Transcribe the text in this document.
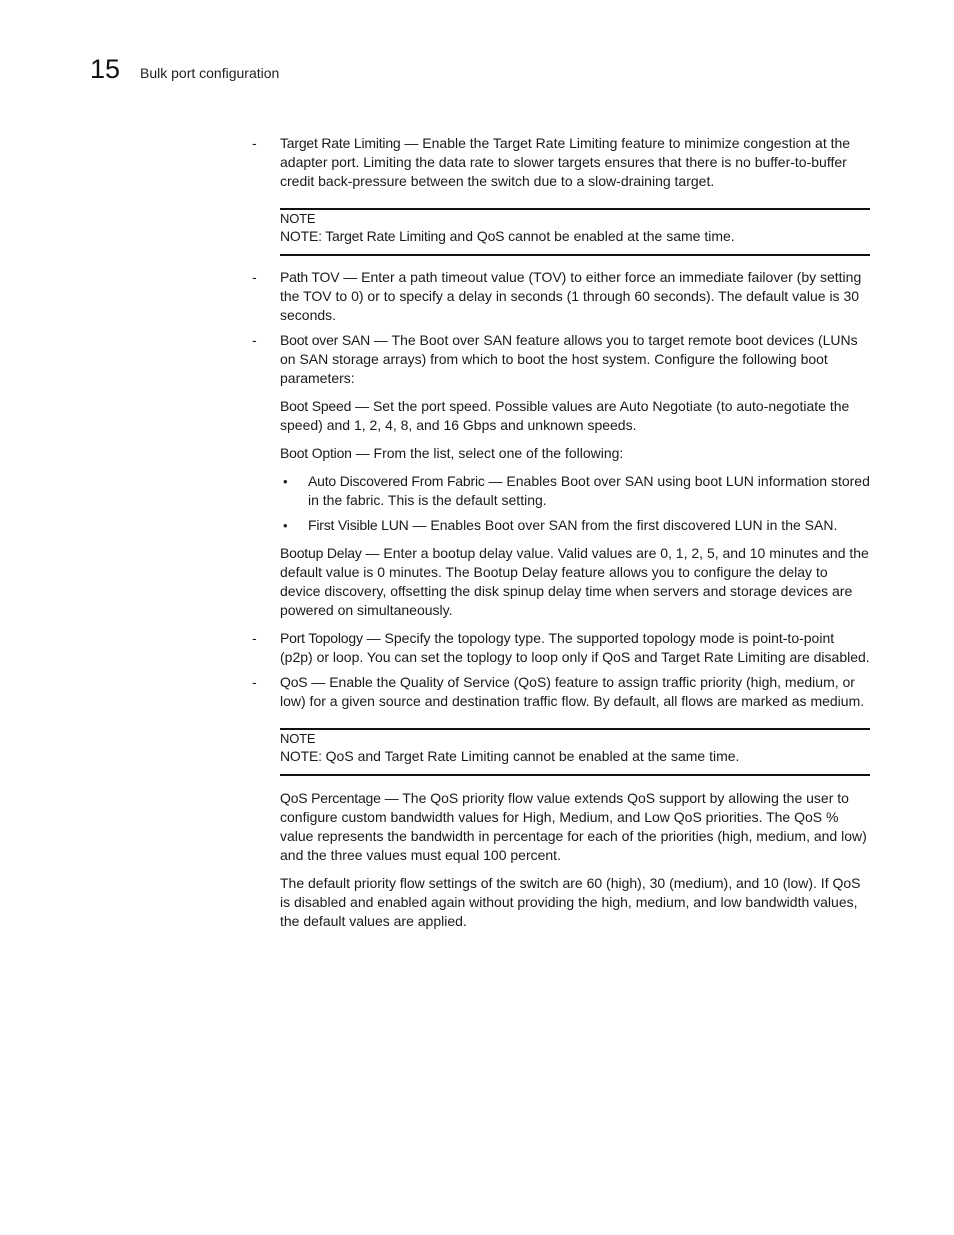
15 Bulk port configuration
- Target Rate Limiting — Enable the Target Rate Limiting feature to minimize congestion at the adapter port. Limiting the data rate to slower targets ensures that there is no buffer-to-buffer credit back-pressure between the switch due to a slow-draining target.

NOTE

NOTE: Target Rate Limiting and QoS cannot be enabled at the same time.

- Path TOV — Enter a path timeout value (TOV) to either force an immediate failover (by setting the TOV to 0) or to specify a delay in seconds (1 through 60 seconds). The default value is 30 seconds.

- Boot over SAN — The Boot over SAN feature allows you to target remote boot devices (LUNs on SAN storage arrays) from which to boot the host system. Configure the following boot parameters:

Boot Speed — Set the port speed. Possible values are Auto Negotiate (to auto-negotiate the speed) and 1, 2, 4, 8, and 16 Gbps and unknown speeds.

Boot Option — From the list, select one of the following:

• Auto Discovered From Fabric — Enables Boot over SAN using boot LUN information stored in the fabric. This is the default setting.

• First Visible LUN — Enables Boot over SAN from the first discovered LUN in the SAN.

Bootup Delay — Enter a bootup delay value. Valid values are 0, 1, 2, 5, and 10 minutes and the default value is 0 minutes. The Bootup Delay feature allows you to configure the delay to device discovery, offsetting the disk spinup delay time when servers and storage devices are powered on simultaneously.

- Port Topology — Specify the topology type. The supported topology mode is point-to-point (p2p) or loop. You can set the toplogy to loop only if QoS and Target Rate Limiting are disabled.

- QoS — Enable the Quality of Service (QoS) feature to assign traffic priority (high, medium, or low) for a given source and destination traffic flow. By default, all flows are marked as medium.

NOTE

NOTE: QoS and Target Rate Limiting cannot be enabled at the same time.

QoS Percentage — The QoS priority flow value extends QoS support by allowing the user to configure custom bandwidth values for High, Medium, and Low QoS priorities. The QoS % value represents the bandwidth in percentage for each of the priorities (high, medium, and low) and the three values must equal 100 percent.

The default priority flow settings of the switch are 60 (high), 30 (medium), and 10 (low). If QoS is disabled and enabled again without providing the high, medium, and low bandwidth values, the default values are applied.
